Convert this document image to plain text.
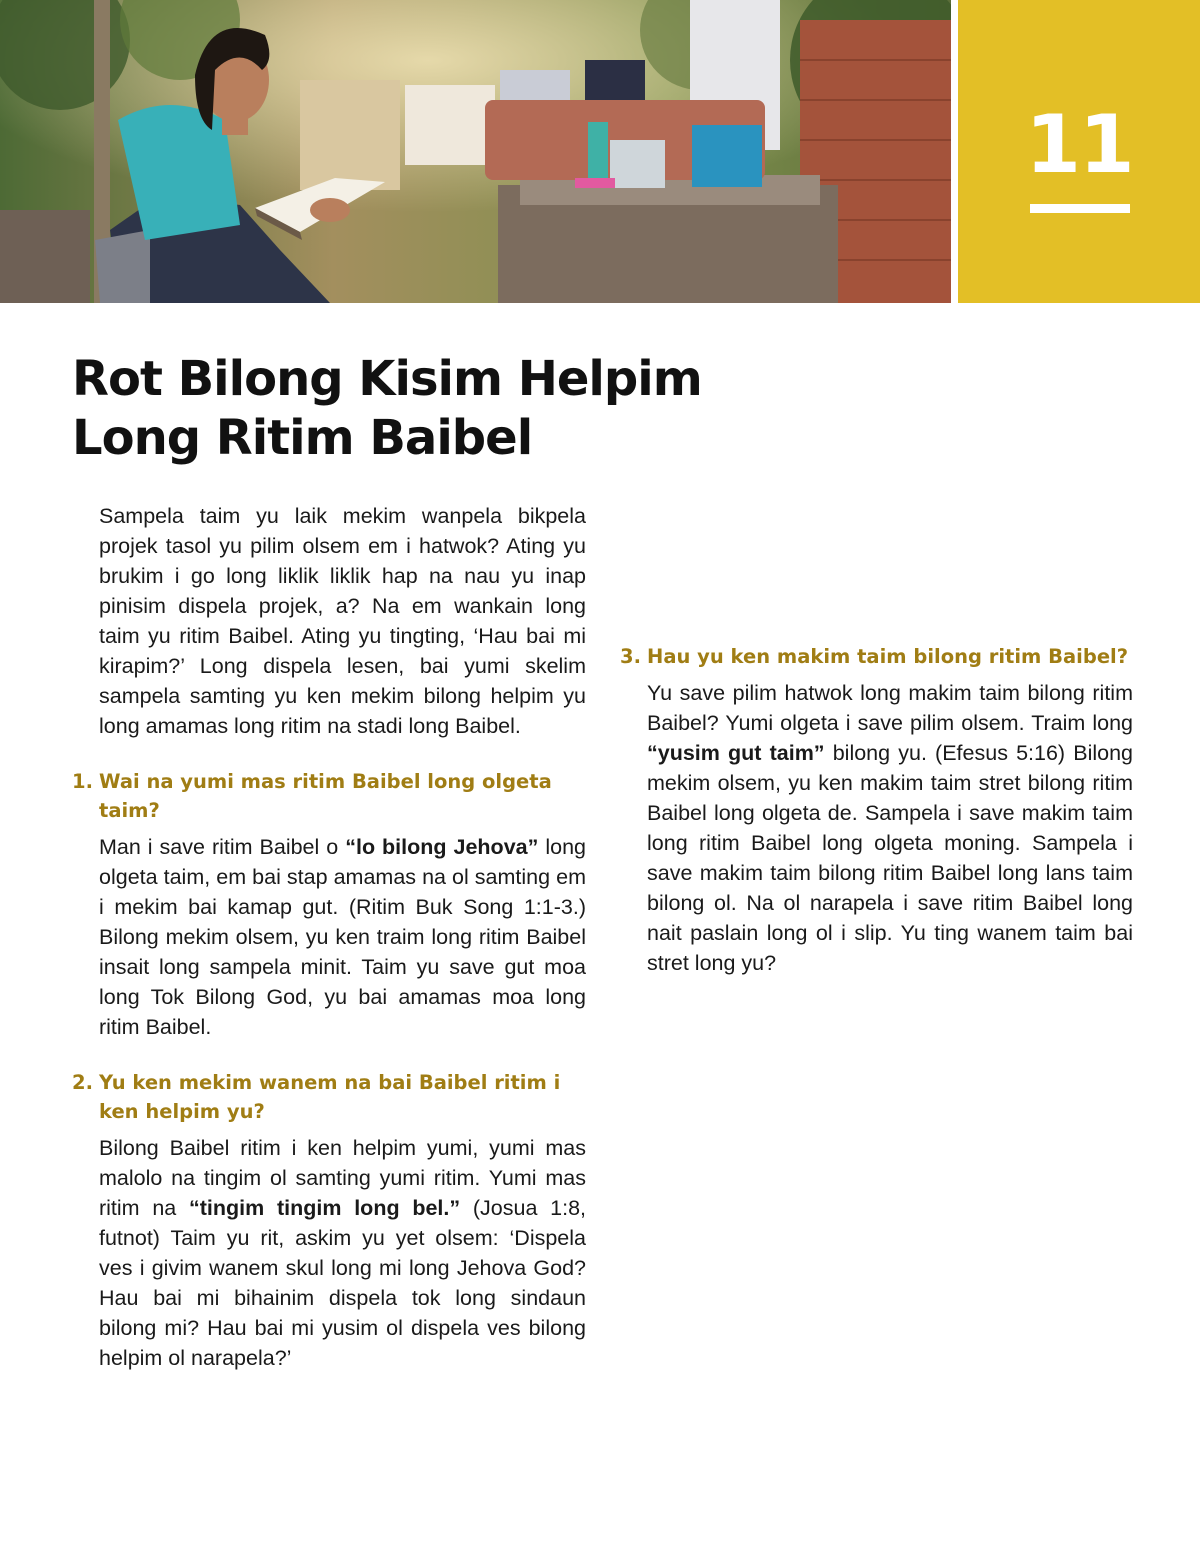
11
Rot Bilong Kisim Helpim
Long Ritim Baibel

Sampela taim yu laik mekim wanpela bikpela projek tasol yu pilim olsem em i hatwok? Ating yu brukim i go long liklik liklik hap na nau yu inap pinisim dispela projek, a? Na em wankain long taim yu ritim Baibel. Ating yu tingting, ‘Hau bai mi kirapim?’ Long dispela lesen, bai yumi skelim sampela samting yu ken mekim bilong helpim yu long amamas long ritim na stadi long Baibel.

1. Wai na yumi mas ritim Baibel long olgeta taim?

Man i save ritim Baibel o “lo bilong Jehova” long olgeta taim, em bai stap amamas na ol samting em i mekim bai kamap gut. (Ritim Buk Song 1:1-3.) Bilong mekim olsem, yu ken traim long ritim Baibel insait long sampela minit. Taim yu save gut moa long Tok Bilong God, yu bai amamas moa long ritim Baibel.

2. Yu ken mekim wanem na bai Baibel ritim i ken helpim yu?

Bilong Baibel ritim i ken helpim yumi, yumi mas malolo na tingim ol samting yumi ritim. Yumi mas ritim na “tingim tingim long bel.” (Josua 1:8, futnot) Taim yu rit, askim yu yet olsem: ‘Dispela ves i givim wanem skul long mi long Jehova God? Hau bai mi bihainim dispela tok long sindaun bilong mi? Hau bai mi yusim ol dispela ves bilong helpim ol narapela?’

3. Hau yu ken makim taim bilong ritim Baibel?

Yu save pilim hatwok long makim taim bilong ritim Baibel? Yumi olgeta i save pilim olsem. Traim long “yusim gut taim” bilong yu. (Efesus 5:16) Bilong mekim olsem, yu ken makim taim stret bilong ritim Baibel long olgeta de. Sampela i save makim taim long ritim Baibel long olgeta moning. Sampela i save makim taim bilong ritim Baibel long lans taim bilong ol. Na ol narapela i save ritim Baibel long nait paslain long ol i slip. Yu ting wanem taim bai stret long yu?
